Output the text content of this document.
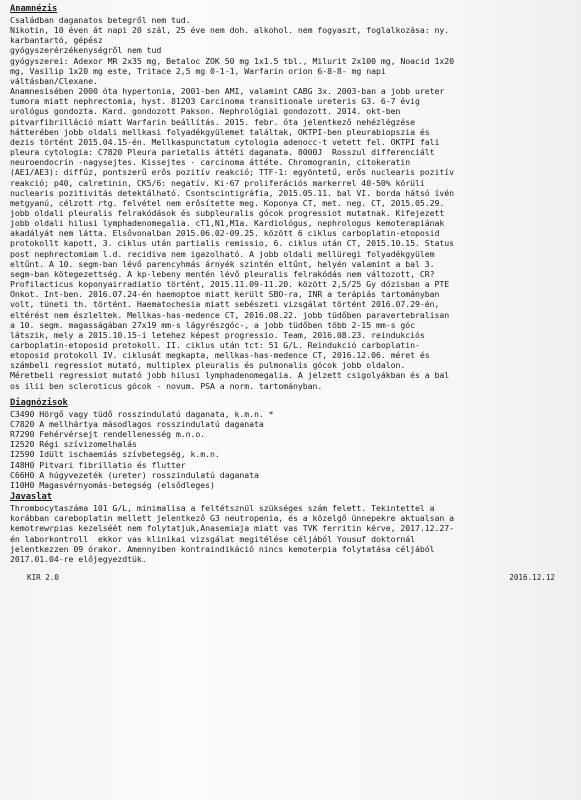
Anamnézis
Családban daganatos betegről nem tud.
Nikotin, 10 éven át napi 20 szál, 25 éve nem doh. alkohol. nem fogyaszt, foglalkozása: ny.
karbantartó, gépész
gyógyszerérzékenységről nem tud
gyógyszerei: Adexor MR 2x35 mg, Betaloc ZOK 50 mg 1x1.5 tbl., Milurit 2x100 mg, Noacid 1x20
mg, Vasilip 1x20 mg este, Tritace 2,5 mg 0-1-1, Warfarin orion 6-8-8- mg napi
váltásban/Clexane.
Anamnesisében 2000 óta hypertonia, 2001-ben AMI, valamint CABG 3x. 2003-ban a jobb ureter
tumora miatt nephrectomia, hyst. 81203 Carcinoma transitionale ureteris G3. 6-7 évig
urológus gondozta. Kard. gondozott Pakson. Nephrológiai gondozott. 2014. okt-ben
pitvarfibrilláció miatt Warfarin beállítás. 2015. febr. óta jelentkező nehézlégzése
hátterében jobb oldali mellkasi folyadékgyülemet találtak, OKTPI-ben pleurabiopszia és
dezis történt 2015.04.15-én. Mellkaspunctatum cytologia adenocc-t vetett fel. OKTPI fali
pleura cytologia: C7820 Pleura parietalis áttéti daganata. 8000J  Rosszul differenciált
neuroendocrin -nagysejtes. Kissejtes - carcinoma áttéte. Chromogranin, citokeratin
(AE1/AE3): diffúz, pontszerű erős pozitív reakció; TTF-1: egyöntetű, erős nuclearis pozitív
reakció; p40, calretinin, CK5/6: negatív. Ki-67 proliferációs markerrel 40-50% körüli
nuclearis pozitivitás detektálható. Csontscintigráfia, 2015.05.11. bal VI. borda hátsó ívén
metgyanú, célzott rtg. felvétel nem erősítette meg. Koponya CT, met. neg. CT, 2015.05.29.
jobb oldali pleuralis felrakódások és subpleuralis gócok progressiot mutatnak. Kifejezett
jobb oldali hilusi lymphadenomegalia. cT1,N1,M1a. Kardiológus, nephrologus kemoterapiának
akadályát nem látta. Elsővonalban 2015.06.02-09.25. között 6 ciklus carboplatin-etoposid
protokollt kapott, 3. ciklus után partialis remissio, 6. ciklus után CT, 2015.10.15. Status
post nephrectomiam l.d. recidiva nem igazolható. A jobb oldali mellüregi folyadékgyülem
eltűnt. A 10. segm-ban lévő parencyhmás árnyék szintén eltűnt, helyén valamint a bal 3.
segm-ban kötegezettség. A kp-lebeny mentén lévő pleuralis felrakódás nem változott, CR?
Profilacticus koponyairradiatio történt, 2015.11.09-11.20. között 2,5/25 Gy dózisban a PTE
Onkot. Int-ben. 2016.07.24-én haemoptoe miatt került SBO-ra, INR a terápiás tartományban
volt, tüneti th. történt. Haematochesia miatt sebészeti vizsgálat történt 2016.07.29-én,
eltérést nem észleltek. Mellkas-has-medence CT, 2016.08.22. jobb tüdőben paravertebralisan
a 10. segm. magasságában 27x19 mm-s lágyrészgóc-, a jobb tüdőben több 2-15 mm-s góc
látszik, mely a 2015.10.15-i letehez képest progressio. Team, 2016.08.23. reindukciós
carboplatin-etoposid protokoll. II. ciklus után tct: 51 G/L. Reindukció carboplatin-
etoposid protokoll IV. ciklusát megkapta, mellkas-has-medence CT, 2016.12.06. méret és
számbeli regressiot mutató, multiplex pleuralis és pulmonalis gócok jobb oldalon.
Méretbeli regressiot mutató jobb hilusi lymphadenomegalia. A jelzett csigolyákban és a bal
os ilii ben scleroticus gócok - novum. PSA a norm. tartományban.
Diagnózisok
C3490 Hörgő vagy tüdő rosszindulatú daganata, k.m.n. *
C7820 A mellhártya másodlagos rosszindulatú daganata
R7290 Fehérvérsejt rendellenesség m.n.o.
I2520 Régi szívizomelhalás
I2590 Idült ischaemiás szívbetegség, k.m.n.
I48H0 Pitvari fibrillatio és flutter
C66H0 A húgyvezeték (ureter) rosszindulatú daganata
I10H0 Magasvérnyomás-betegség (elsődleges)
Javaslat
Thrombocytaszáma 101 G/L, minimalisa a feltétsznül szükséges szám felett. Tekintettel a
korábban careboplatin mellett jelentkező G3 neutropenia, és a közelgő ünnepekre aktualsan a
kemotrewrpias kezelséét nem folytatjuk,Anasemiaja miatt vas TVK ferritin kérve, 2017.12.27-
én laborkontroll  ekkor vas klinikai vizsgálat megitélése céljából Yousuf doktornál
jelentkezzen 09 órakor. Amennyiben kontraindikáció nincs kemoterpia folytatása céljából
2017.01.04-re előjegyezdtük.
KIR 2.0	2016.12.12
